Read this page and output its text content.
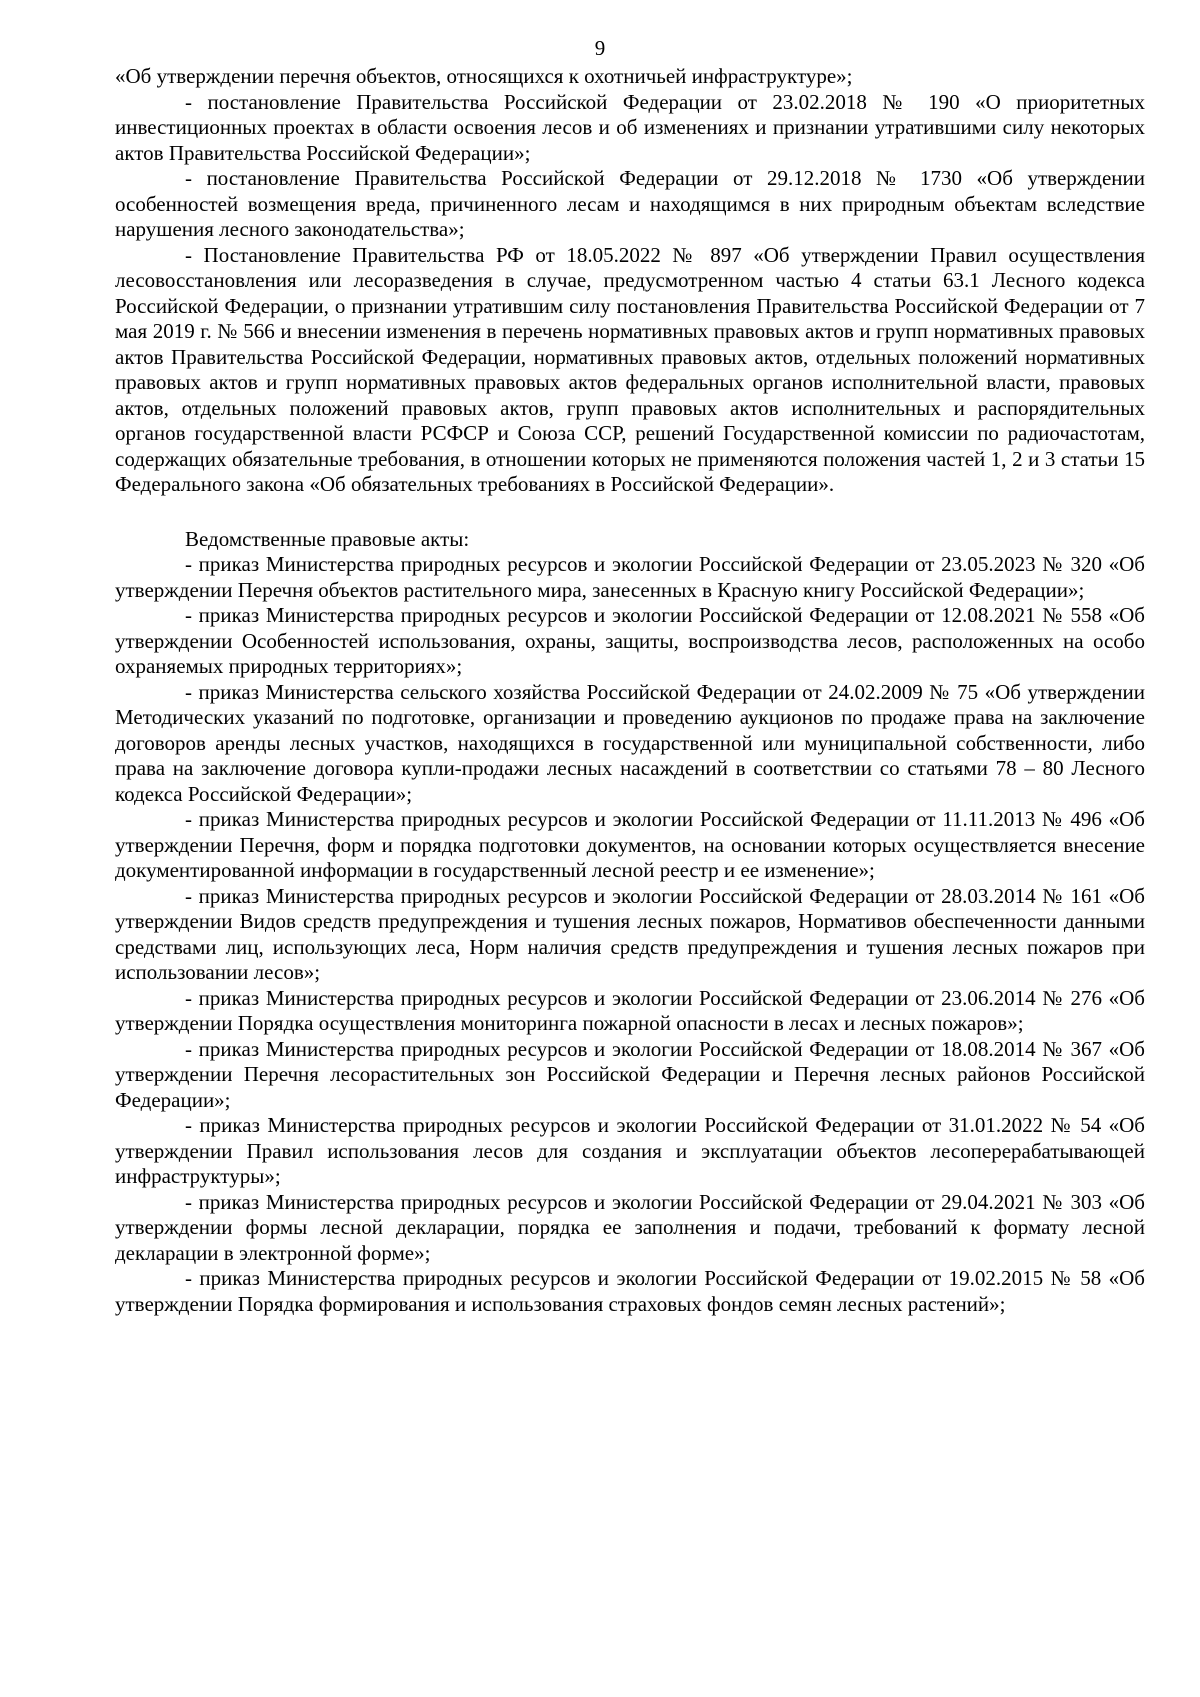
9

«Об утверждении перечня объектов, относящихся к охотничьей инфраструктуре»;

- постановление Правительства Российской Федерации от 23.02.2018 № 190 «О приоритетных инвестиционных проектах в области освоения лесов и об изменениях и признании утратившими силу некоторых актов Правительства Российской Федерации»;

- постановление Правительства Российской Федерации от 29.12.2018 № 1730 «Об утверждении особенностей возмещения вреда, причиненного лесам и находящимся в них природным объектам вследствие нарушения лесного законодательства»;

- Постановление Правительства РФ от 18.05.2022 № 897 «Об утверждении Правил осуществления лесовосстановления или лесоразведения в случае, предусмотренном частью 4 статьи 63.1 Лесного кодекса Российской Федерации, о признании утратившим силу постановления Правительства Российской Федерации от 7 мая 2019 г. № 566 и внесении изменения в перечень нормативных правовых актов и групп нормативных правовых актов Правительства Российской Федерации, нормативных правовых актов, отдельных положений нормативных правовых актов и групп нормативных правовых актов федеральных органов исполнительной власти, правовых актов, отдельных положений правовых актов, групп правовых актов исполнительных и распорядительных органов государственной власти РСФСР и Союза ССР, решений Государственной комиссии по радиочастотам, содержащих обязательные требования, в отношении которых не применяются положения частей 1, 2 и 3 статьи 15 Федерального закона «Об обязательных требованиях в Российской Федерации».

Ведомственные правовые акты:

- приказ Министерства природных ресурсов и экологии Российской Федерации от 23.05.2023 № 320 «Об утверждении Перечня объектов растительного мира, занесенных в Красную книгу Российской Федерации»;

- приказ Министерства природных ресурсов и экологии Российской Федерации от 12.08.2021 № 558 «Об утверждении Особенностей использования, охраны, защиты, воспроизводства лесов, расположенных на особо охраняемых природных территориях»;

- приказ Министерства сельского хозяйства Российской Федерации от 24.02.2009 № 75 «Об утверждении Методических указаний по подготовке, организации и проведению аукционов по продаже права на заключение договоров аренды лесных участков, находящихся в государственной или муниципальной собственности, либо права на заключение договора купли-продажи лесных насаждений в соответствии со статьями 78 – 80 Лесного кодекса Российской Федерации»;

- приказ Министерства природных ресурсов и экологии Российской Федерации от 11.11.2013 № 496 «Об утверждении Перечня, форм и порядка подготовки документов, на основании которых осуществляется внесение документированной информации в государственный лесной реестр и ее изменение»;

- приказ Министерства природных ресурсов и экологии Российской Федерации от 28.03.2014 № 161 «Об утверждении Видов средств предупреждения и тушения лесных пожаров, Нормативов обеспеченности данными средствами лиц, использующих леса, Норм наличия средств предупреждения и тушения лесных пожаров при использовании лесов»;

- приказ Министерства природных ресурсов и экологии Российской Федерации от 23.06.2014 № 276 «Об утверждении Порядка осуществления мониторинга пожарной опасности в лесах и лесных пожаров»;

- приказ Министерства природных ресурсов и экологии Российской Федерации от 18.08.2014 № 367 «Об утверждении Перечня лесорастительных зон Российской Федерации и Перечня лесных районов Российской Федерации»;

- приказ Министерства природных ресурсов и экологии Российской Федерации от 31.01.2022 № 54 «Об утверждении Правил использования лесов для создания и эксплуатации объектов лесоперерабатывающей инфраструктуры»;

- приказ Министерства природных ресурсов и экологии Российской Федерации от 29.04.2021 № 303 «Об утверждении формы лесной декларации, порядка ее заполнения и подачи, требований к формату лесной декларации в электронной форме»;

- приказ Министерства природных ресурсов и экологии Российской Федерации от 19.02.2015 № 58 «Об утверждении Порядка формирования и использования страховых фондов семян лесных растений»;
